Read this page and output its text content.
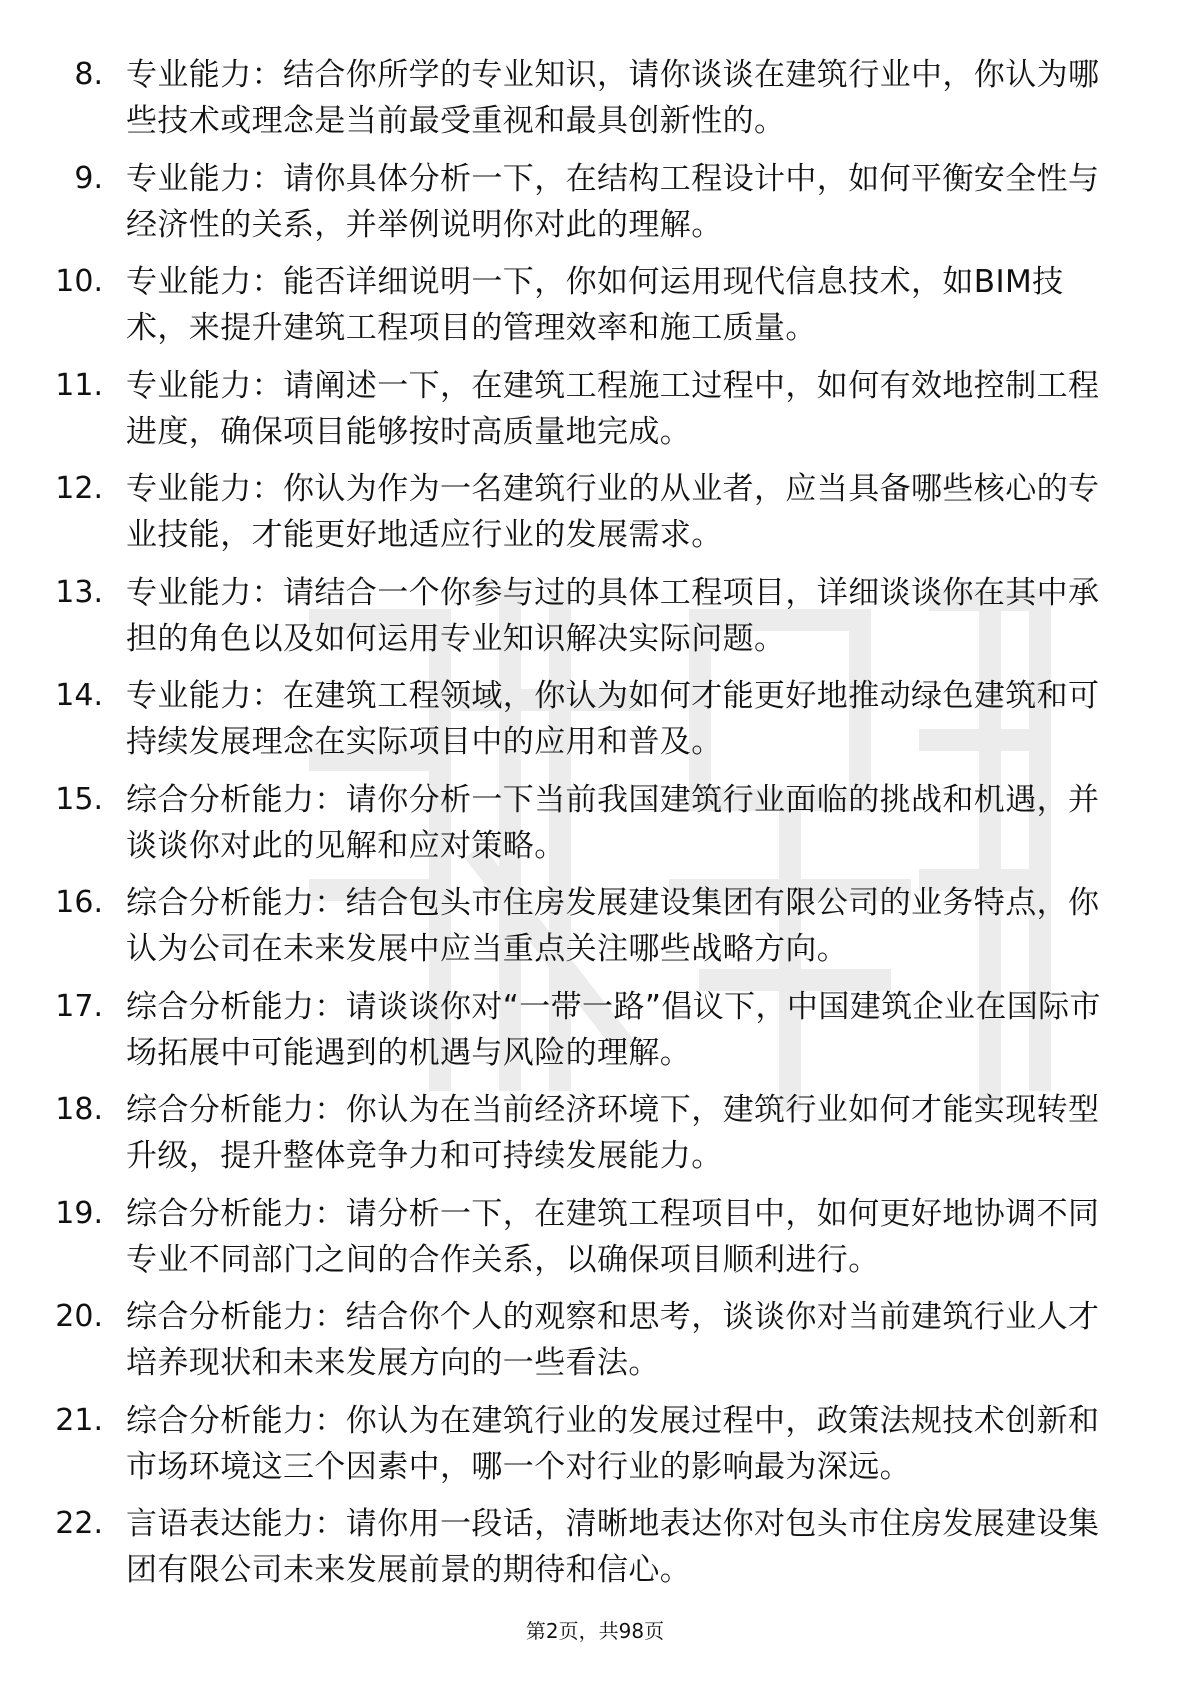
8. 专业能力：结合你所学的专业知识，请你谈谈在建筑行业中，你认为哪些技术或理念是当前最受重视和最具创新性的。
9. 专业能力：请你具体分析一下，在结构工程设计中，如何平衡安全性与经济性的关系，并举例说明你对此的理解。
10. 专业能力：能否详细说明一下，你如何运用现代信息技术，如BIM技术，来提升建筑工程项目的管理效率和施工质量。
11. 专业能力：请阐述一下，在建筑工程施工过程中，如何有效地控制工程进度，确保项目能够按时高质量地完成。
12. 专业能力：你认为作为一名建筑行业的从业者，应当具备哪些核心的专业技能，才能更好地适应行业的发展需求。
13. 专业能力：请结合一个你参与过的具体工程项目，详细谈谈你在其中承担的角色以及如何运用专业知识解决实际问题。
14. 专业能力：在建筑工程领域，你认为如何才能更好地推动绿色建筑和可持续发展理念在实际项目中的应用和普及。
15. 综合分析能力：请你分析一下当前我国建筑行业面临的挑战和机遇，并谈谈你对此的见解和应对策略。
16. 综合分析能力：结合包头市住房发展建设集团有限公司的业务特点，你认为公司在未来发展中应当重点关注哪些战略方向。
17. 综合分析能力：请谈谈你对“一带一路”倡议下，中国建筑企业在国际市场拓展中可能遇到的机遇与风险的理解。
18. 综合分析能力：你认为在当前经济环境下，建筑行业如何才能实现转型升级，提升整体竞争力和可持续发展能力。
19. 综合分析能力：请分析一下，在建筑工程项目中，如何更好地协调不同专业不同部门之间的合作关系，以确保项目顺利进行。
20. 综合分析能力：结合你个人的观察和思考，谈谈你对当前建筑行业人才培养现状和未来发展方向的一些看法。
21. 综合分析能力：你认为在建筑行业的发展过程中，政策法规技术创新和市场环境这三个因素中，哪一个对行业的影响最为深远。
22. 言语表达能力：请你用一段话，清晰地表达你对包头市住房发展建设集团有限公司未来发展前景的期待和信心。
第2页，共98页
